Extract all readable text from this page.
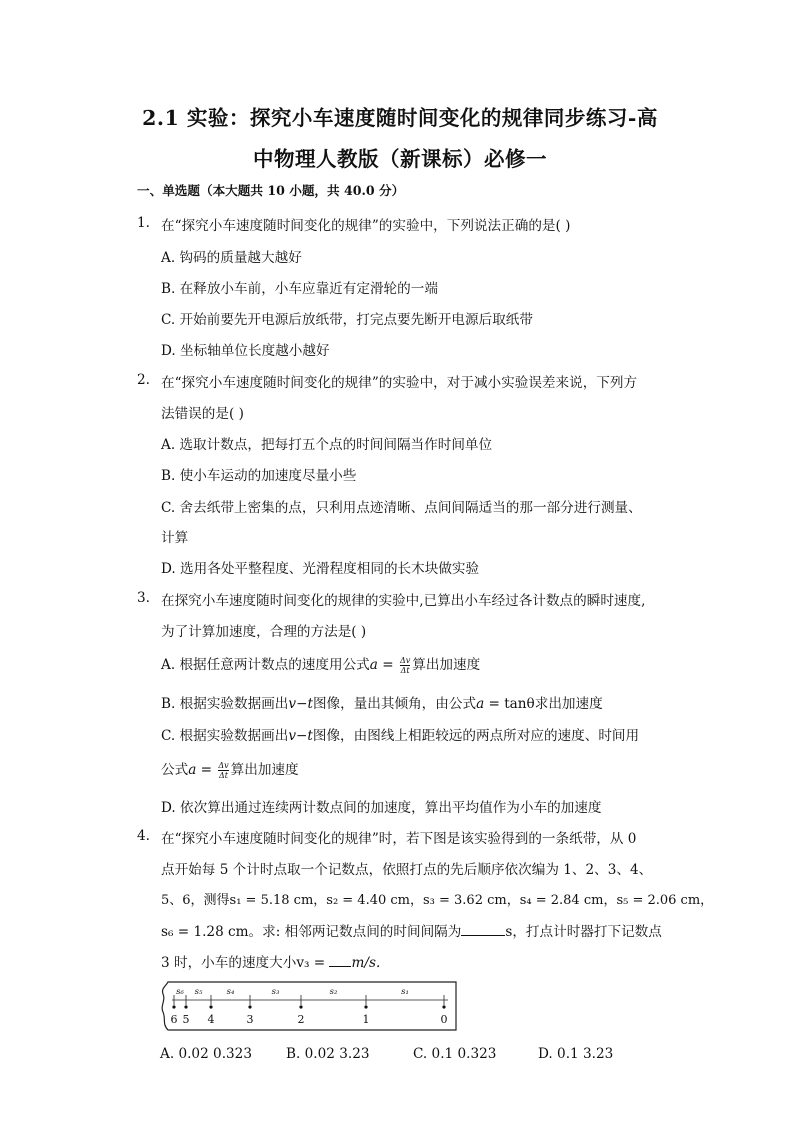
2.1 实验：探究小车速度随时间变化的规律同步练习-高
中物理人教版（新课标）必修一
一、单选题（本大题共 10 小题，共 40.0 分）
1. 在“探究小车速度随时间变化的规律”的实验中，下列说法正确的是( )
A. 钩码的质量越大越好
B. 在释放小车前，小车应靠近有定滑轮的一端
C. 开始前要先开电源后放纸带，打完点要先断开电源后取纸带
D. 坐标轴单位长度越小越好
2. 在“探究小车速度随时间变化的规律”的实验中，对于减小实验误差来说，下列方
法错误的是( )
A. 选取计数点，把每打五个点的时间间隔当作时间单位
B. 使小车运动的加速度尽量小些
C. 舍去纸带上密集的点，只利用点迹清晰、点间间隔适当的那一部分进行测量、
计算
D. 选用各处平整程度、光滑程度相同的长木块做实验
3. 在探究小车速度随时间变化的规律的实验中,已算出小车经过各计数点的瞬时速度,
为了计算加速度，合理的方法是( )
A. 根据任意两计数点的速度用公式$a = \frac{\Delta v}{\Delta t}$ 算出加速度
B. 根据实验数据画出v−t图像，量出其倾角，由公式a = tanθ求出加速度
C. 根据实验数据画出v−t图像，由图线上相距较远的两点所对应的速度、时间用
公式$a = \frac{\Delta v}{\Delta t}$ 算出加速度
D. 依次算出通过连续两计数点间的加速度，算出平均值作为小车的加速度
4. 在“探究小车速度随时间变化的规律”时，若下图是该实验得到的一条纸带，从 0
点开始每 5 个计时点取一个记数点，依照打点的先后顺序依次编为 1、2、3、4、
5、6，测得s₁ = 5.18 cm，s₂ = 4.40 cm，s₃ = 3.62 cm，s₄ = 2.84 cm，s₅ = 2.06 cm，
s₆ = 1.28 cm。求: 相邻两记数点间的时间间隔为	s，打点计时器打下记数点
3 时，小车的速度大小v₃ = m/s．
s₆ s₅	s₄	s₃	s₂	s₁
6 5 4	3	2	1	0
A. 0.02 0.323	B. 0.02 3.23	C. 0.1 0.323	D. 0.1 3.23
